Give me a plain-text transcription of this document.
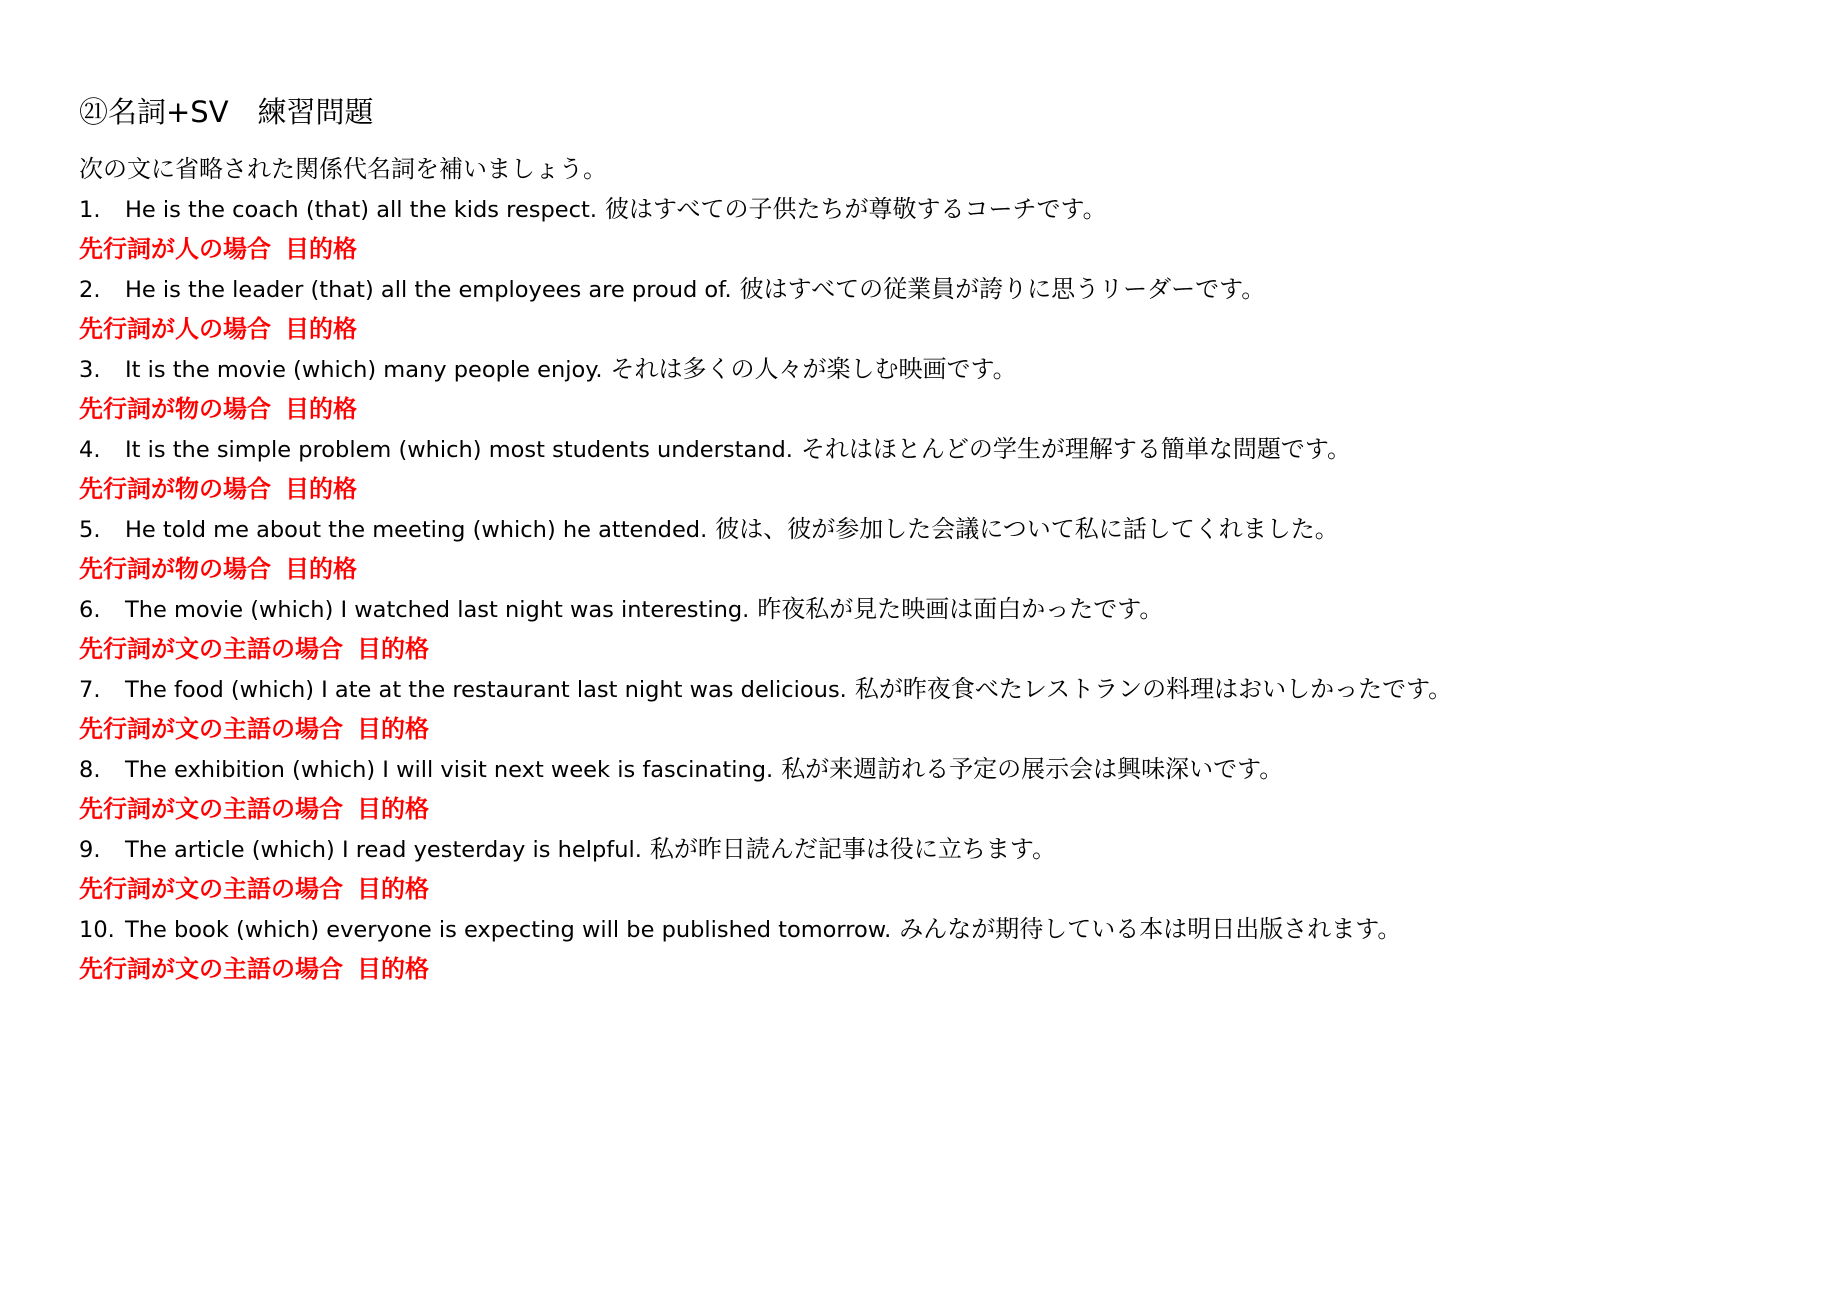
㉑名詞+SV　練習問題
次の文に省略された関係代名詞を補いましょう。
1. He is the coach (that) all the kids respect. 彼はすべての子供たちが尊敬するコーチです。
先行詞が人の場合 目的格
2. He is the leader (that) all the employees are proud of. 彼はすべての従業員が誇りに思うリーダーです。
先行詞が人の場合 目的格
3. It is the movie (which) many people enjoy. それは多くの人々が楽しむ映画です。
先行詞が物の場合 目的格
4. It is the simple problem (which) most students understand. それはほとんどの学生が理解する簡単な問題です。
先行詞が物の場合 目的格
5. He told me about the meeting (which) he attended. 彼は、彼が参加した会議について私に話してくれました。
先行詞が物の場合 目的格
6. The movie (which) I watched last night was interesting. 昨夜私が見た映画は面白かったです。
先行詞が文の主語の場合 目的格
7. The food (which) I ate at the restaurant last night was delicious. 私が昨夜食べたレストランの料理はおいしかったです。
先行詞が文の主語の場合 目的格
8. The exhibition (which) I will visit next week is fascinating. 私が来週訪れる予定の展示会は興味深いです。
先行詞が文の主語の場合 目的格
9. The article (which) I read yesterday is helpful. 私が昨日読んだ記事は役に立ちます。
先行詞が文の主語の場合 目的格
10. The book (which) everyone is expecting will be published tomorrow. みんなが期待している本は明日出版されます。
先行詞が文の主語の場合 目的格
